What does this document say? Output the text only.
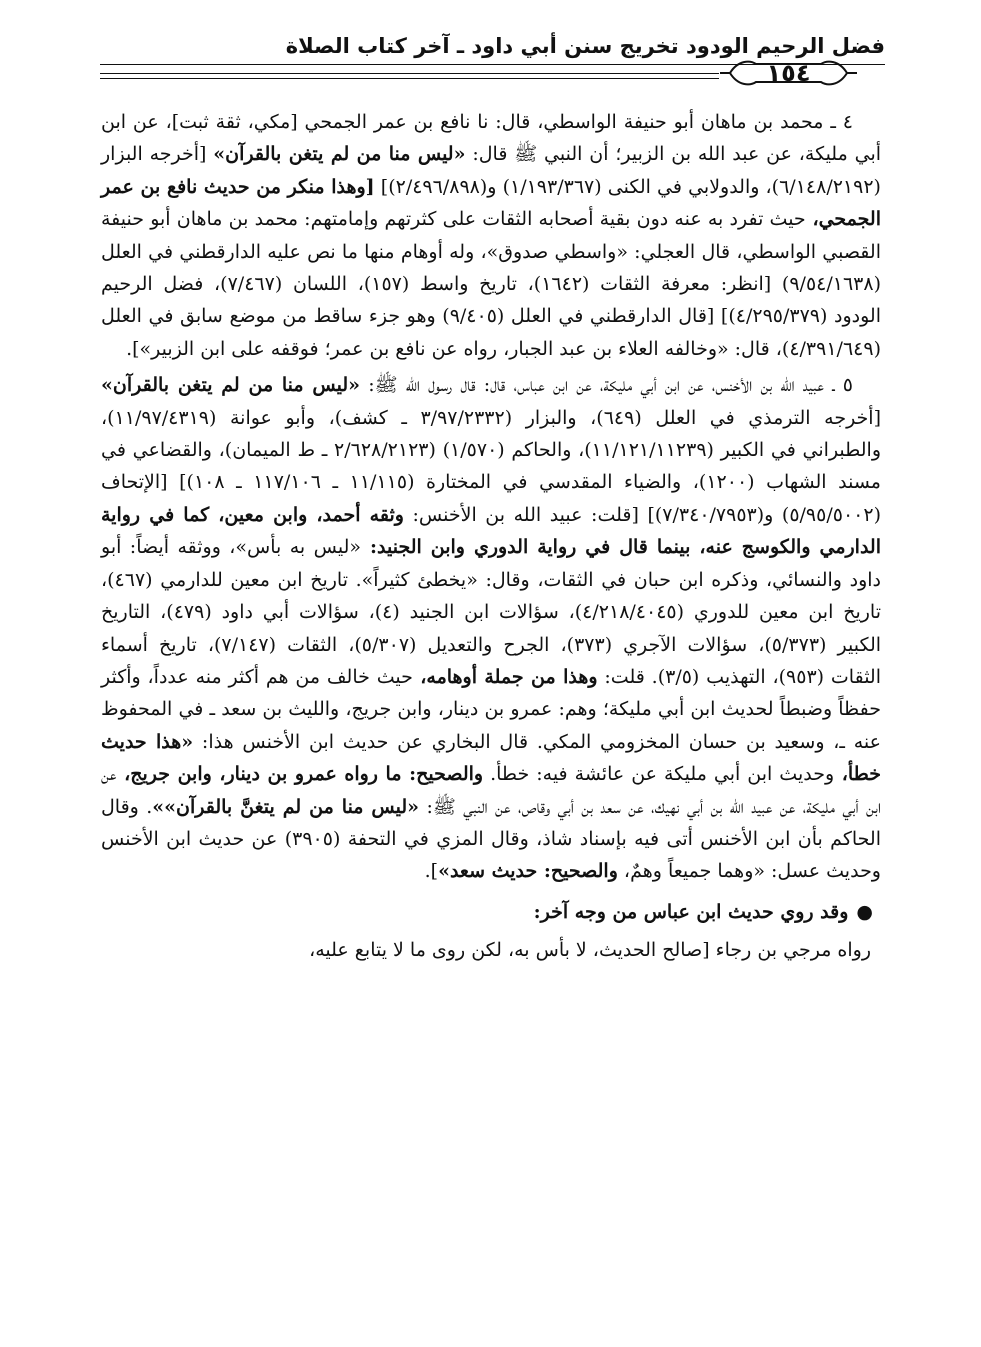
فضل الرحيم الودود تخريج سنن أبي داود ـ آخر كتاب الصلاة
١٥٤

٤ ـ محمد بن ماهان أبو حنيفة الواسطي، قال: نا نافع بن عمر الجمحي [مكي، ثقة ثبت]، عن ابن أبي مليكة، عن عبد الله بن الزبير؛ أن النبي ﷺ قال: «ليس منا من لم يتغن بالقرآن» [أخرجه البزار (٦/١٤٨/٢١٩٢)، والدولابي في الكنى (١/١٩٣/٣٦٧) و(٢/٤٩٦/٨٩٨)] [وهذا منكر من حديث نافع بن عمر الجمحي، حيث تفرد به عنه دون بقية أصحابه الثقات على كثرتهم وإمامتهم: محمد بن ماهان أبو حنيفة القصبي الواسطي، قال العجلي: «واسطي صدوق»، وله أوهام منها ما نص عليه الدارقطني في العلل (٩/٥٤/١٦٣٨) [انظر: معرفة الثقات (١٦٤٢)، تاريخ واسط (١٥٧)، اللسان (٧/٤٦٧)، فضل الرحيم الودود (٤/٢٩٥/٣٧٩)] [قال الدارقطني في العلل (٩/٤٠٥) وهو جزء ساقط من موضع سابق في العلل (٤/٣٩١/٦٤٩)، قال: «وخالفه العلاء بن عبد الجبار، رواه عن نافع بن عمر؛ فوقفه على ابن الزبير»].

٥ ـ عبيد الله بن الأخنس، عن ابن أبي مليكة، عن ابن عباس، قال: قال رسول الله ﷺ: «ليس منا من لم يتغن بالقرآن» [أخرجه الترمذي في العلل (٦٤٩)، والبزار (٣/٩٧/٢٣٣٢ ـ كشف)، وأبو عوانة (١١/٩٧/٤٣١٩)، والطبراني في الكبير (١١/١٢١/١١٢٣٩)، والحاكم (١/٥٧٠) (٢/٦٢٨/٢١٢٣ ـ ط الميمان)، والقضاعي في مسند الشهاب (١٢٠٠)، والضياء المقدسي في المختارة (١١/١١٥ ـ ١١٧/١٠٦ ـ ١٠٨)] [الإتحاف (٥/٩٥/٥٠٠٢) و(٧/٣٤٠/٧٩٥٣)] [قلت: عبيد الله بن الأخنس: وثقه أحمد، وابن معين، كما في رواية الدارمي والكوسج عنه، بينما قال في رواية الدوري وابن الجنيد: «ليس به بأس»، ووثقه أيضاً: أبو داود والنسائي، وذكره ابن حبان في الثقات، وقال: «يخطئ كثيراً». تاريخ ابن معين للدارمي (٤٦٧)، تاريخ ابن معين للدوري (٤/٢١٨/٤٠٤٥)، سؤالات ابن الجنيد (٤)، سؤالات أبي داود (٤٧٩)، التاريخ الكبير (٥/٣٧٣)، سؤالات الآجري (٣٧٣)، الجرح والتعديل (٥/٣٠٧)، الثقات (٧/١٤٧)، تاريخ أسماء الثقات (٩٥٣)، التهذيب (٣/٥). قلت: وهذا من جملة أوهامه، حيث خالف من هم أكثر منه عدداً، وأكثر حفظاً وضبطاً لحديث ابن أبي مليكة؛ وهم: عمرو بن دينار، وابن جريج، والليث بن سعد ـ في المحفوظ عنه ـ، وسعيد بن حسان المخزومي المكي. قال البخاري عن حديث ابن الأخنس هذا: «هذا حديث خطأ، وحديث ابن أبي مليكة عن عائشة فيه: خطأ. والصحيح: ما رواه عمرو بن دينار، وابن جريج، عن ابن أبي مليكة، عن عبيد الله بن أبي نهيك، عن سعد بن أبي وقاص، عن النبي ﷺ: «ليس منا من لم يتغنَّ بالقرآن»». وقال الحاكم بأن ابن الأخنس أتى فيه بإسناد شاذ، وقال المزي في التحفة (٣٩٠٥) عن حديث ابن الأخنس وحديث عسل: «وهما جميعاً وهمٌ، والصحيح: حديث سعد»].

●وقد روي حديث ابن عباس من وجه آخر:

رواه مرجي بن رجاء [صالح الحديث، لا بأس به، لكن روى ما لا يتابع عليه،
